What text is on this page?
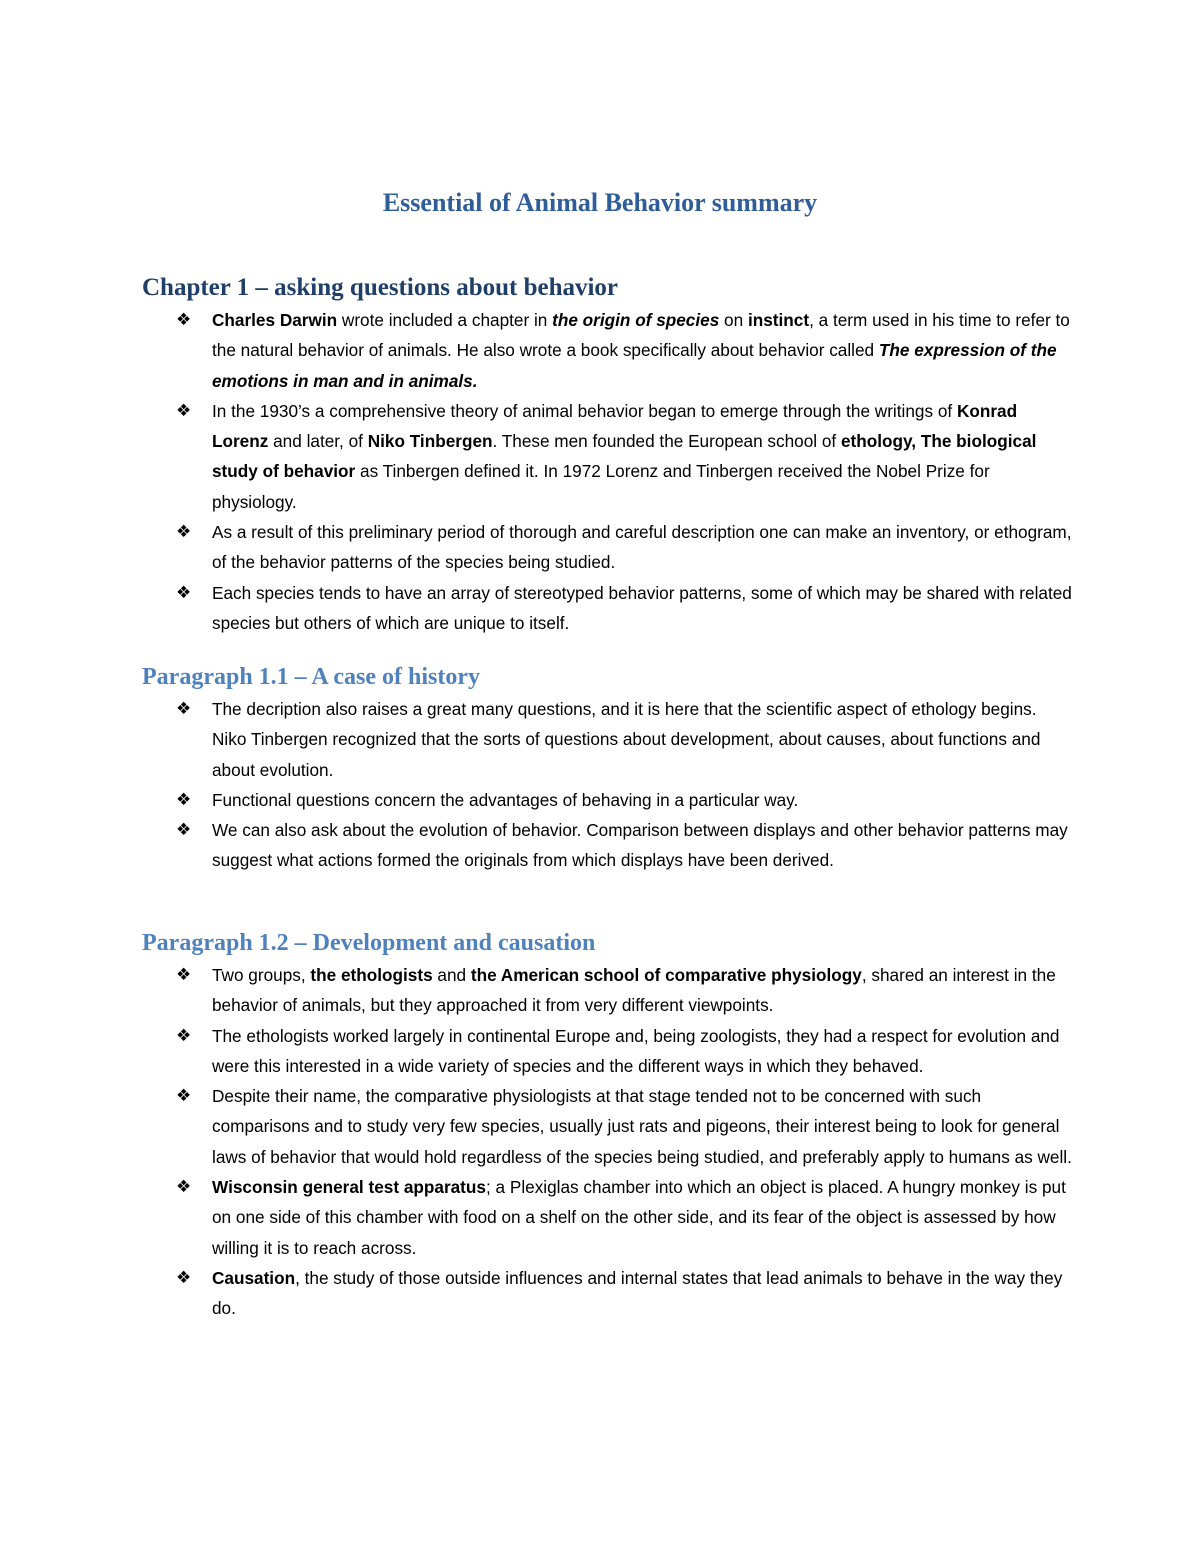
Essential of Animal Behavior summary
Chapter 1 – asking questions about behavior
❖ Charles Darwin wrote included a chapter in the origin of species on instinct, a term used in his time to refer to the natural behavior of animals. He also wrote a book specifically about behavior called The expression of the emotions in man and in animals.
❖ In the 1930’s a comprehensive theory of animal behavior began to emerge through the writings of Konrad Lorenz and later, of Niko Tinbergen. These men founded the European school of ethology, The biological study of behavior as Tinbergen defined it. In 1972 Lorenz and Tinbergen received the Nobel Prize for physiology.
❖ As a result of this preliminary period of thorough and careful description one can make an inventory, or ethogram, of the behavior patterns of the species being studied.
❖ Each species tends to have an array of stereotyped behavior patterns, some of which may be shared with related species but others of which are unique to itself.
Paragraph 1.1 – A case of history
❖ The decription also raises a great many questions, and it is here that the scientific aspect of ethology begins. Niko Tinbergen recognized that the sorts of questions about development, about causes, about functions and about evolution.
❖ Functional questions concern the advantages of behaving in a particular way.
❖ We can also ask about the evolution of behavior. Comparison between displays and other behavior patterns may suggest what actions formed the originals from which displays have been derived.
Paragraph 1.2 – Development and causation
❖ Two groups, the ethologists and the American school of comparative physiology, shared an interest in the behavior of animals, but they approached it from very different viewpoints.
❖ The ethologists worked largely in continental Europe and, being zoologists, they had a respect for evolution and were this interested in a wide variety of species and the different ways in which they behaved.
❖ Despite their name, the comparative physiologists at that stage tended not to be concerned with such comparisons and to study very few species, usually just rats and pigeons, their interest being to look for general laws of behavior that would hold regardless of the species being studied, and preferably apply to humans as well.
❖ Wisconsin general test apparatus; a Plexiglas chamber into which an object is placed. A hungry monkey is put on one side of this chamber with food on a shelf on the other side, and its fear of the object is assessed by how willing it is to reach across.
❖ Causation, the study of those outside influences and internal states that lead animals to behave in the way they do.
